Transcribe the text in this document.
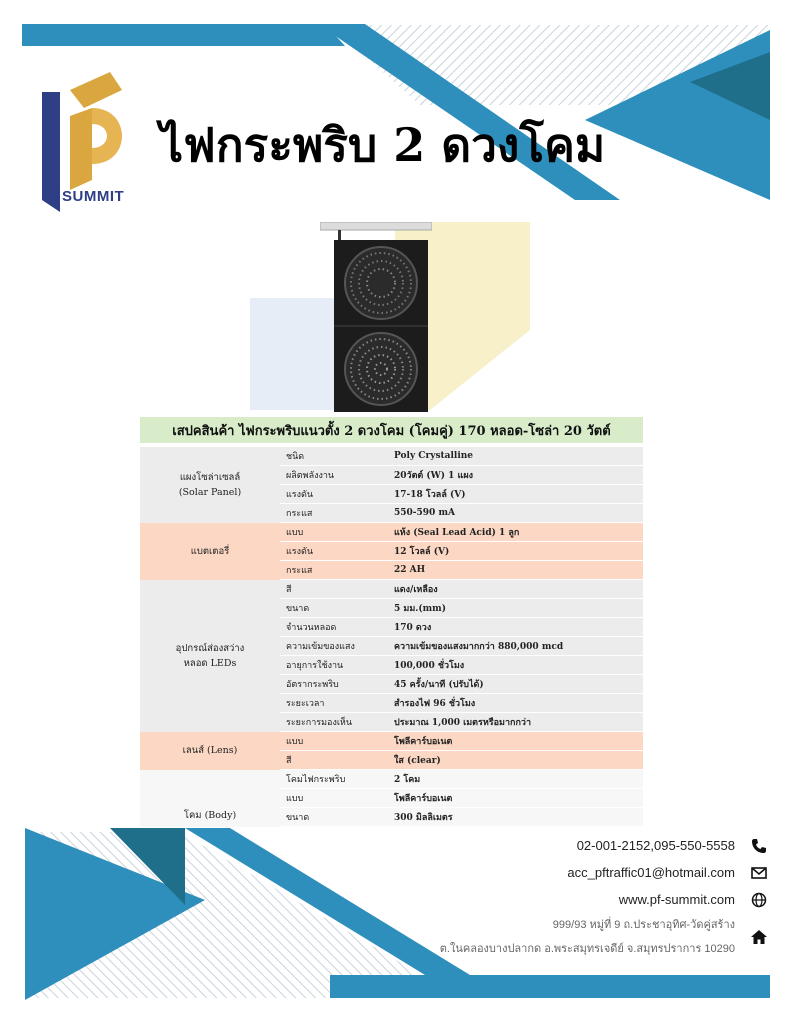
SUMMIT
ไฟกระพริบ 2 ดวงโคม
เสปคสินค้า ไฟกระพริบแนวตั้ง 2 ดวงโคม (โคมคู่) 170 หลอด-โซล่า 20 วัตต์
แผงโซล่าเซลล์
(Solar Panel)
ชนิด	Poly Crystalline
ผลิตพลังงาน	20วัตต์ (W) 1 แผง
แรงดัน	17-18 โวลล์ (V)
กระแส	550-590 mA
แบตเตอรี่
แบบ	แห้ง (Seal Lead Acid) 1 ลูก
แรงดัน	12 โวลล์ (V)
กระแส	22 AH
อุปกรณ์ส่องสว่าง
หลอด LEDs
สี	แดง/เหลือง
ขนาด	5 มม.(mm)
จำนวนหลอด	170 ดวง
ความเข้มของแสง	ความเข้มของแสงมากกว่า 880,000 mcd
อายุการใช้งาน	100,000 ชั่วโมง
อัตรากระพริบ	45 ครั้ง/นาที (ปรับได้)
ระยะเวลา	สำรองไฟ 96 ชั่วโมง
ระยะการมองเห็น	ประมาณ 1,000 เมตรหรือมากกว่า
เลนส์ (Lens)
แบบ	โพลีคาร์บอเนต
สี	ใส (clear)
โคม (Body)
โคมไฟกระพริบ	2 โคม
แบบ	โพลีคาร์บอเนต
ขนาด	300 มิลลิเมตร
02-001-2152,095-550-5558
acc_pftraffic01@hotmail.com
www.pf-summit.com
999/93 หมู่ที่ 9 ถ.ประชาอุทิศ-วัดคู่สร้าง
ต.ในคลองบางปลากด อ.พระสมุทรเจดีย์ จ.สมุทรปราการ 10290
